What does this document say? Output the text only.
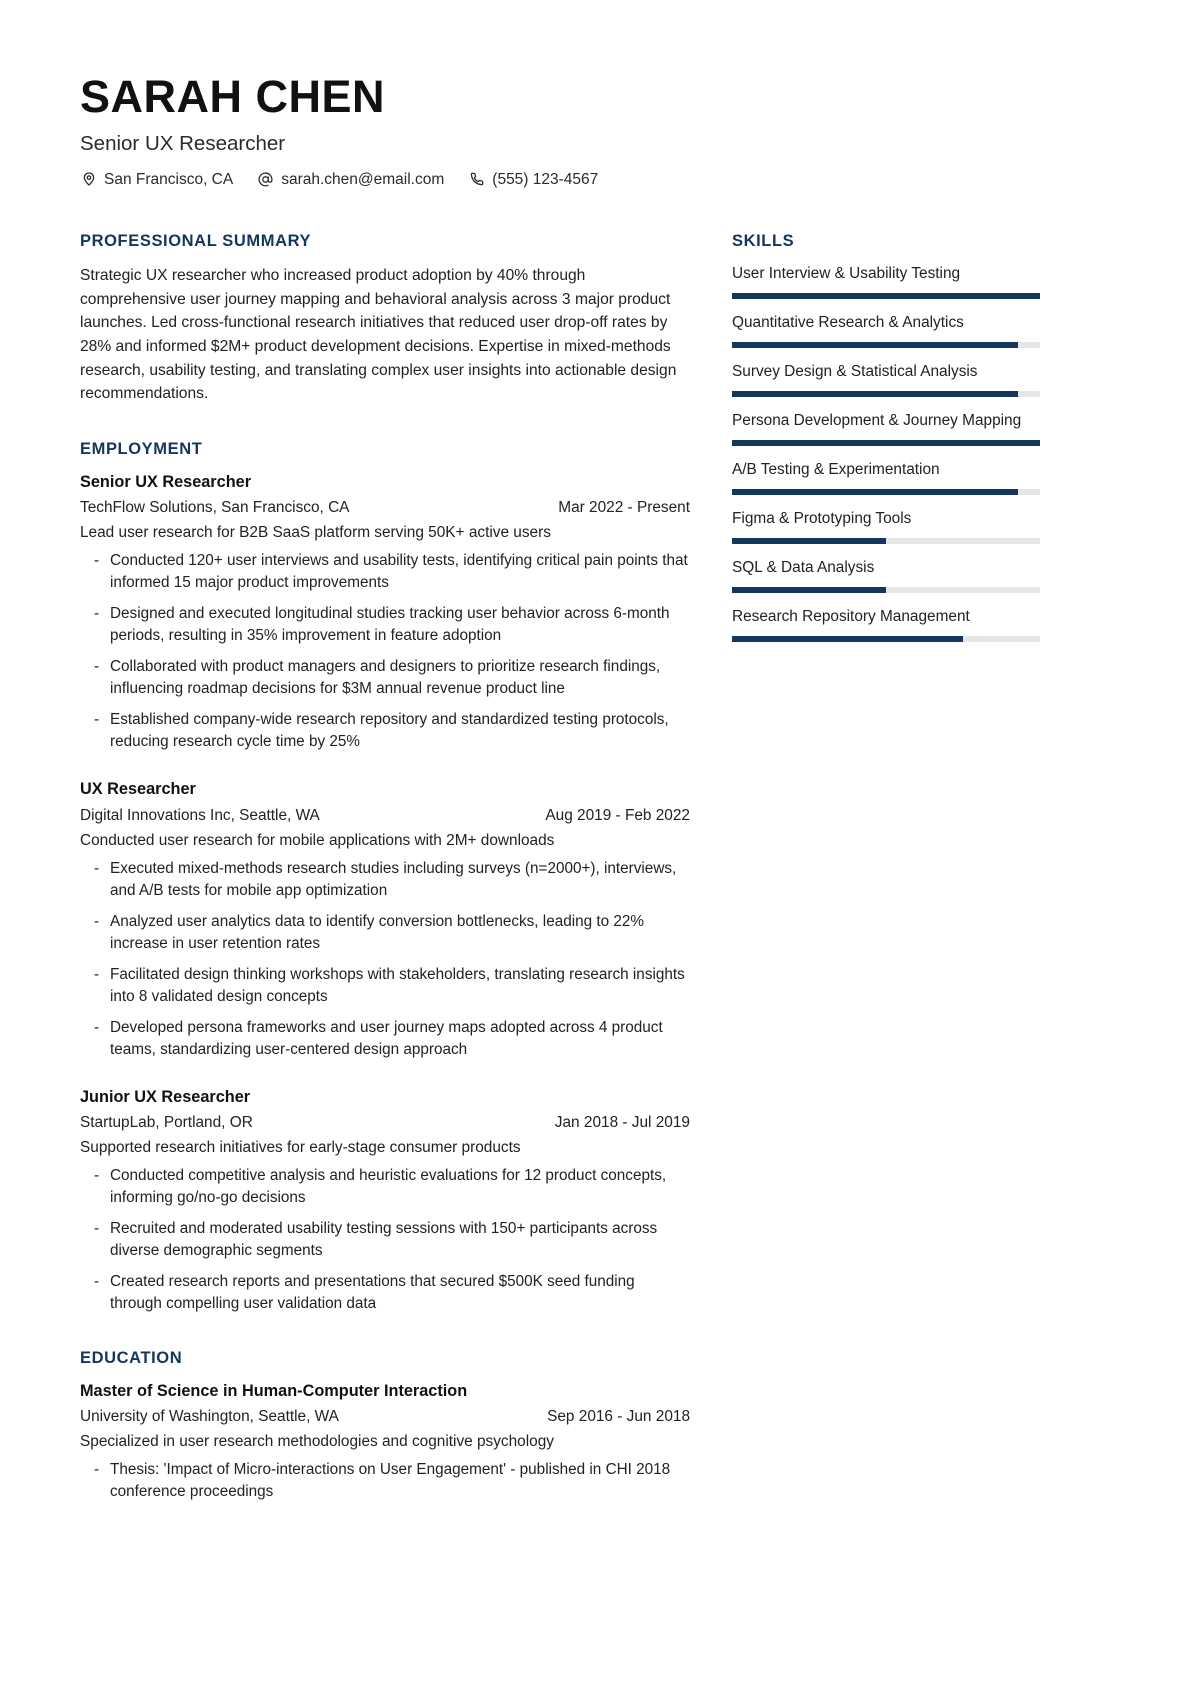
SARAH CHEN
Senior UX Researcher
San Francisco, CA	sarah.chen@email.com	(555) 123-4567
PROFESSIONAL SUMMARY

Strategic UX researcher who increased product adoption by 40% through comprehensive user journey mapping and behavioral analysis across 3 major product launches. Led cross-functional research initiatives that reduced user drop-off rates by 28% and informed $2M+ product development decisions. Expertise in mixed-methods research, usability testing, and translating complex user insights into actionable design recommendations.

EMPLOYMENT
Senior UX Researcher
TechFlow Solutions, San Francisco, CA	Mar 2022 - Present
Lead user research for B2B SaaS platform serving 50K+ active users
- Conducted 120+ user interviews and usability tests, identifying critical pain points that informed 15 major product improvements
- Designed and executed longitudinal studies tracking user behavior across 6-month periods, resulting in 35% improvement in feature adoption
- Collaborated with product managers and designers to prioritize research findings, influencing roadmap decisions for $3M annual revenue product line
- Established company-wide research repository and standardized testing protocols, reducing research cycle time by 25%
UX Researcher
Digital Innovations Inc, Seattle, WA	Aug 2019 - Feb 2022
Conducted user research for mobile applications with 2M+ downloads
- Executed mixed-methods research studies including surveys (n=2000+), interviews, and A/B tests for mobile app optimization
- Analyzed user analytics data to identify conversion bottlenecks, leading to 22% increase in user retention rates
- Facilitated design thinking workshops with stakeholders, translating research insights into 8 validated design concepts
- Developed persona frameworks and user journey maps adopted across 4 product teams, standardizing user-centered design approach
Junior UX Researcher
StartupLab, Portland, OR	Jan 2018 - Jul 2019
Supported research initiatives for early-stage consumer products
- Conducted competitive analysis and heuristic evaluations for 12 product concepts, informing go/no-go decisions
- Recruited and moderated usability testing sessions with 150+ participants across diverse demographic segments
- Created research reports and presentations that secured $500K seed funding through compelling user validation data
EDUCATION
Master of Science in Human-Computer Interaction
University of Washington, Seattle, WA	Sep 2016 - Jun 2018
Specialized in user research methodologies and cognitive psychology
- Thesis: 'Impact of Micro-interactions on User Engagement' - published in CHI 2018 conference proceedings
SKILLS
User Interview & Usability Testing
Quantitative Research & Analytics
Survey Design & Statistical Analysis
Persona Development & Journey Mapping
A/B Testing & Experimentation
Figma & Prototyping Tools
SQL & Data Analysis
Research Repository Management
